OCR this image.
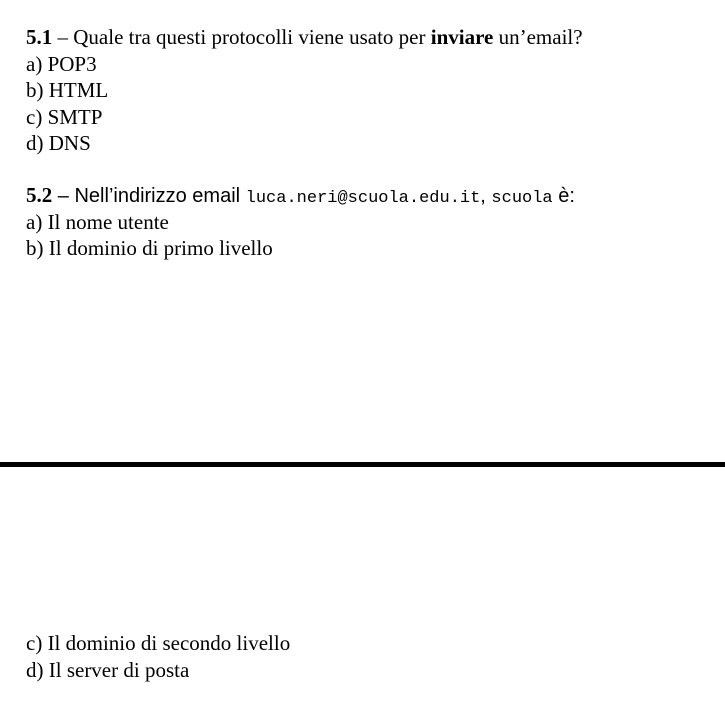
5.1 – Quale tra questi protocolli viene usato per inviare un’email?
a) POP3
b) HTML
c) SMTP
d) DNS
5.2 – Nell’indirizzo email luca.neri@scuola.edu.it, scuola è:
a) Il nome utente
b) Il dominio di primo livello
c) Il dominio di secondo livello
d) Il server di posta
